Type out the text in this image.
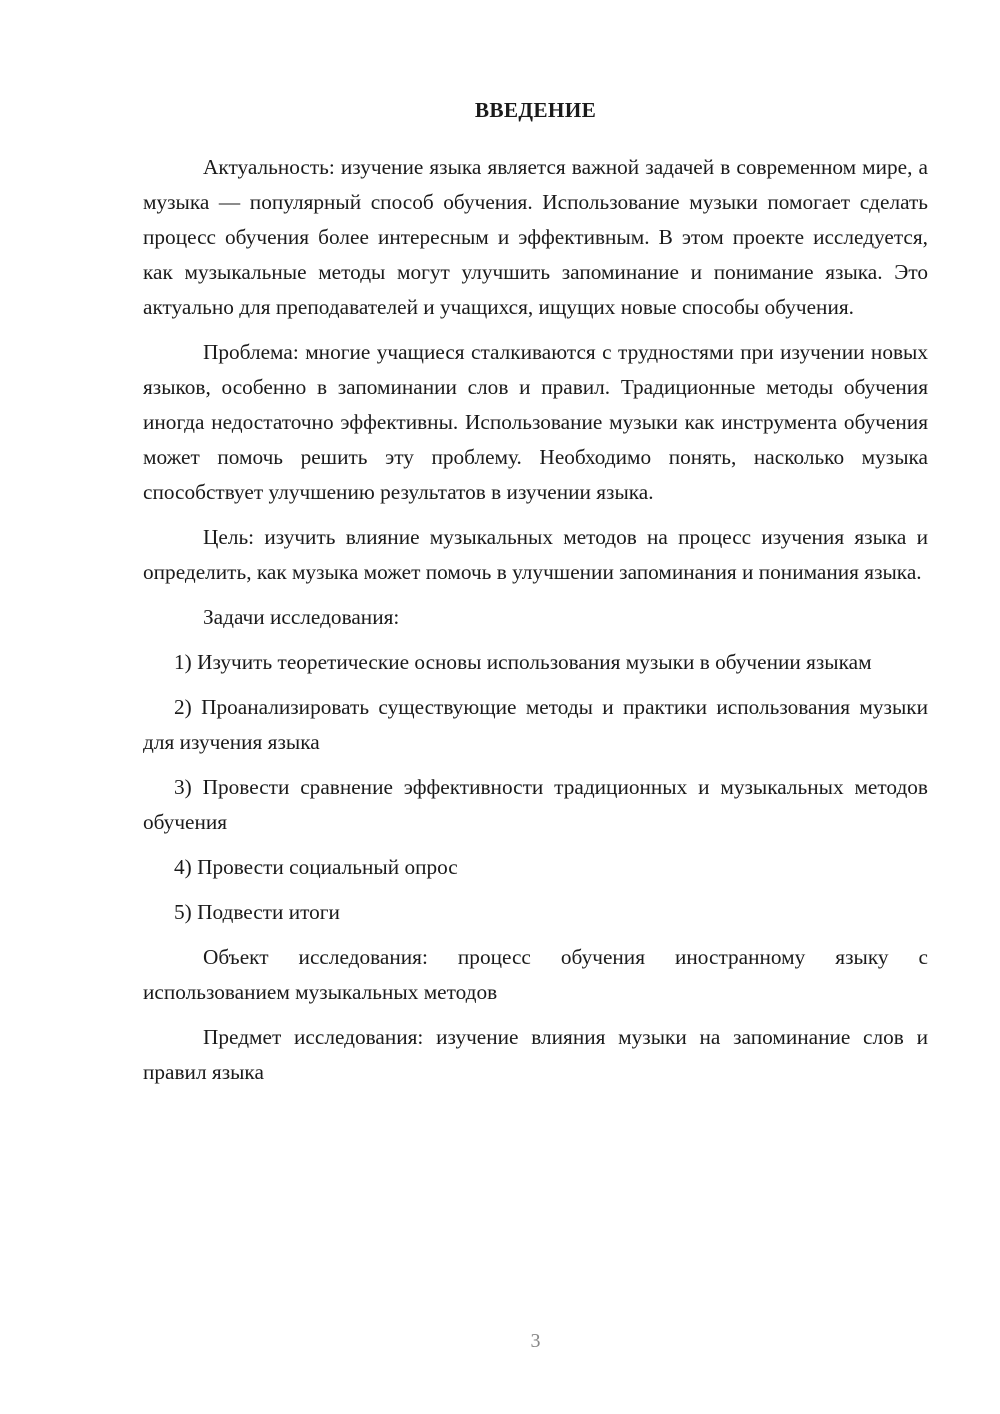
ВВЕДЕНИЕ

Актуальность: изучение языка является важной задачей в современном мире, а музыка — популярный способ обучения. Использование музыки помогает сделать процесс обучения более интересным и эффективным. В этом проекте исследуется, как музыкальные методы могут улучшить запоминание и понимание языка. Это актуально для преподавателей и учащихся, ищущих новые способы обучения.

Проблема: многие учащиеся сталкиваются с трудностями при изучении новых языков, особенно в запоминании слов и правил. Традиционные методы обучения иногда недостаточно эффективны. Использование музыки как инструмента обучения может помочь решить эту проблему. Необходимо понять, насколько музыка способствует улучшению результатов в изучении языка.

Цель: изучить влияние музыкальных методов на процесс изучения языка и определить, как музыка может помочь в улучшении запоминания и понимания языка.

Задачи исследования:

1) Изучить теоретические основы использования музыки в обучении языкам

2) Проанализировать существующие методы и практики использования музыки для изучения языка

3) Провести сравнение эффективности традиционных и музыкальных методов обучения

4) Провести социальный опрос

5) Подвести итоги

Объект исследования: процесс обучения иностранному языку с использованием музыкальных методов

Предмет исследования: изучение влияния музыки на запоминание слов и правил языка

3
